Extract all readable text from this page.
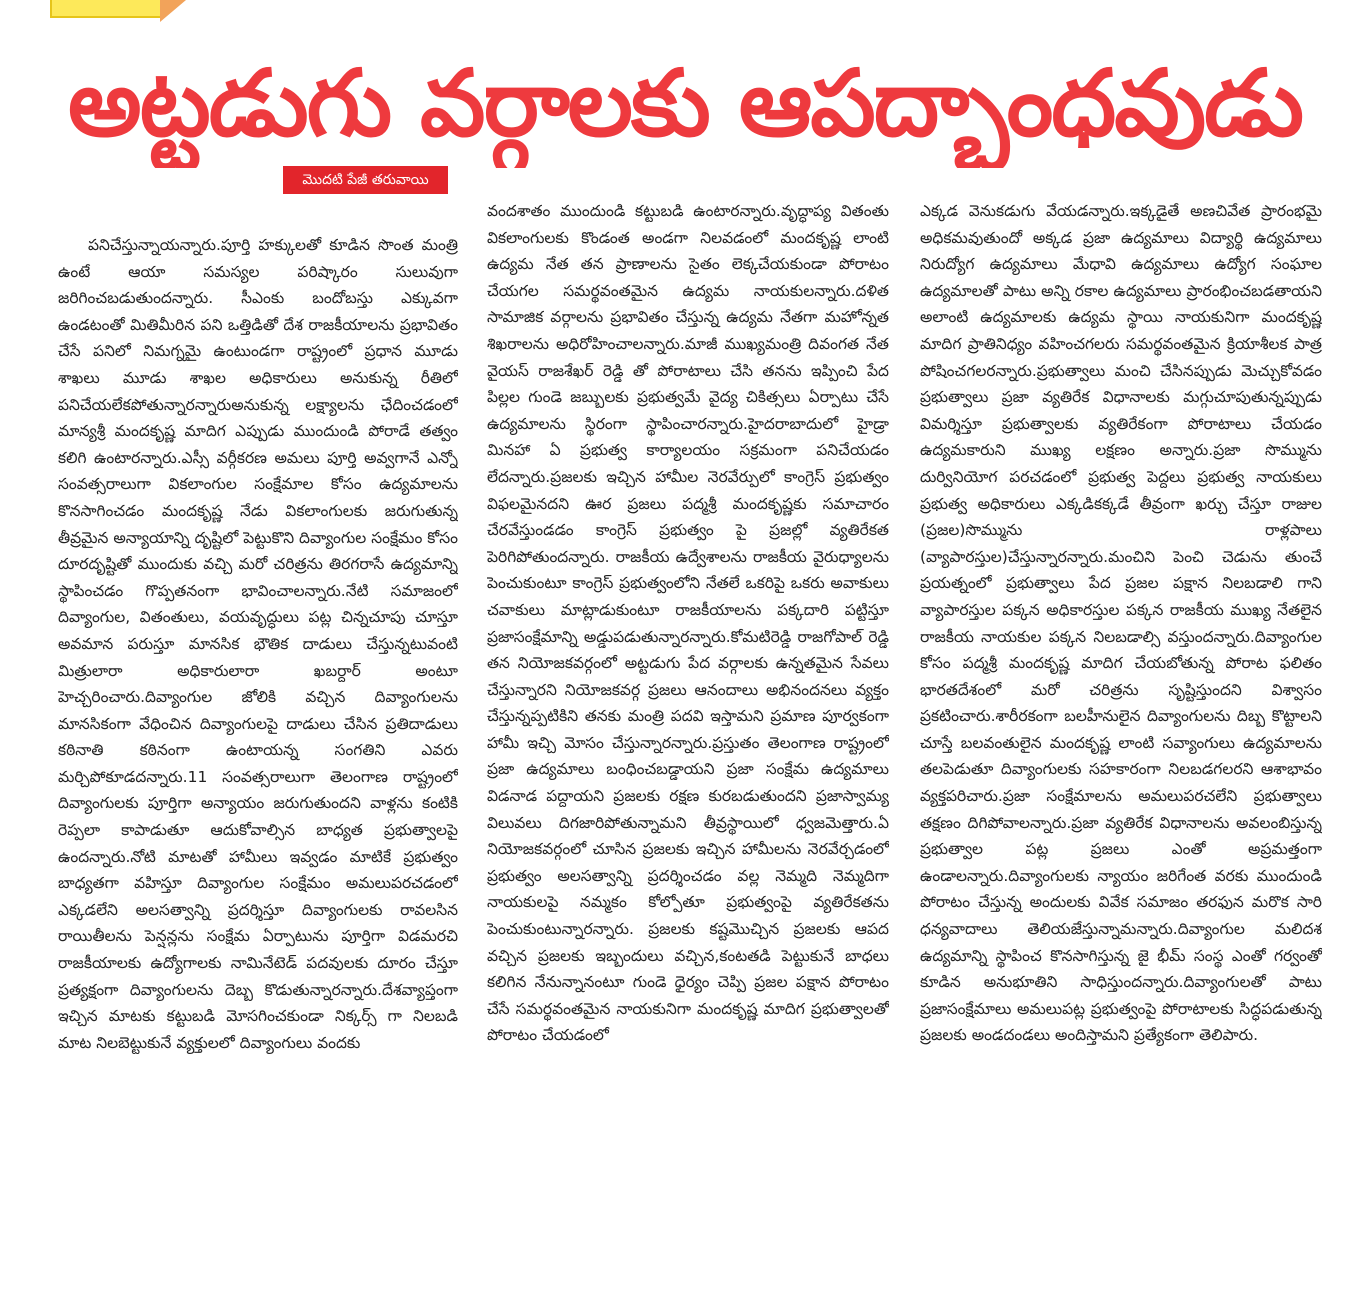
అట్టడుగు వర్గాలకు ఆపద్బాంధవుడు
మొదటి పేజీ తరువాయి

పనిచేస్తున్నాయన్నారు.పూర్తి హక్కులతో కూడిన సొంత మంత్రి ఉంటే ఆయా సమస్యల పరిష్కారం సులువుగా జరిగించబడుతుందన్నారు. సీఎంకు బందోబస్తు ఎక్కువగా ఉండటంతో మితిమీరిన పని ఒత్తిడితో దేశ రాజకీయాలను ప్రభావితం చేసే పనిలో నిమగ్నమై ఉంటుండగా రాష్ట్రంలో ప్రధాన మూడు శాఖలు మూడు శాఖల అధికారులు అనుకున్న రీతిలో పనిచేయలేకపోతున్నారన్నారుఅనుకున్న లక్ష్యాలను ఛేదించడంలో మాన్యశ్రీ మందకృష్ణ మాదిగ ఎప్పుడు ముందుండి పోరాడే తత్వం కలిగి ఉంటారన్నారు.ఎస్సీ వర్గీకరణ అమలు పూర్తి అవ్వగానే ఎన్నో సంవత్సరాలుగా వికలాంగుల సంక్షేమాల కోసం ఉద్యమాలను కొనసాగించడం మందకృష్ణ నేడు వికలాంగులకు జరుగుతున్న తీవ్రమైన అన్యాయాన్ని దృష్టిలో పెట్టుకొని దివ్యాంగుల సంక్షేమం కోసం దూరదృష్టితో ముందుకు వచ్చి మరో చరిత్రను తిరగరాసే ఉద్యమాన్ని స్థాపించడం గొప్పతనంగా భావించాలన్నారు.నేటి సమాజంలో దివ్యాంగుల, వితంతులు, వయవృద్ధులు పట్ల చిన్నచూపు చూస్తూ అవమాన పరుస్తూ మానసిక భౌతిక దాడులు చేస్తున్నటువంటి మిత్రులారా అధికారులారా ఖబర్దార్ అంటూ హెచ్చరించారు.దివ్యాంగుల జోలికి వచ్చిన దివ్యాంగులను మానసికంగా వేధించిన దివ్యాంగులపై దాడులు చేసిన ప్రతిదాడులు కఠినాతి కఠినంగా ఉంటాయన్న సంగతిని ఎవరు మర్చిపోకూడదన్నారు.11 సంవత్సరాలుగా తెలంగాణ రాష్ట్రంలో దివ్యాంగులకు పూర్తిగా అన్యాయం జరుగుతుందని వాళ్లను కంటికి రెప్పలా కాపాడుతూ ఆదుకోవాల్సిన బాధ్యత ప్రభుత్వాలపై ఉందన్నారు.నోటి మాటతో హామీలు ఇవ్వడం మాటికే ప్రభుత్వం బాధ్యతగా వహిస్తూ దివ్యాంగుల సంక్షేమం అమలుపరచడంలో ఎక్కడలేని అలసత్వాన్ని ప్రదర్శిస్తూ దివ్యాంగులకు రావలసిన రాయితీలను పెన్షన్లను సంక్షేమ ఏర్పాటును పూర్తిగా విడమరచి రాజకీయాలకు ఉద్యోగాలకు నామినేటెడ్ పదవులకు దూరం చేస్తూ ప్రత్యక్షంగా దివ్యాంగులను దెబ్బ కొడుతున్నారన్నారు.దేశవ్యాప్తంగా ఇచ్చిన మాటకు కట్టుబడి మోసగించకుండా నిక్కర్స్ గా నిలబడి మాట నిలబెట్టుకునే వ్యక్తులలో దివ్యాంగులు వందకు

వందశాతం ముందుండి కట్టుబడి ఉంటారన్నారు.వృద్ధాప్య వితంతు వికలాంగులకు కొండంత అండగా నిలవడంలో మందకృష్ణ లాంటి ఉద్యమ నేత తన ప్రాణాలను సైతం లెక్కచేయకుండా పోరాటం చేయగల సమర్థవంతమైన ఉద్యమ నాయకులన్నారు.దళిత సామాజిక వర్గాలను ప్రభావితం చేస్తున్న ఉద్యమ నేతగా మహోన్నత శిఖరాలను అధిరోహించాలన్నారు.మాజీ ముఖ్యమంత్రి దివంగత నేత వైయస్ రాజశేఖర్ రెడ్డి తో పోరాటాలు చేసి తనను ఇప్పించి పేద పిల్లల గుండె జబ్బులకు ప్రభుత్వమే వైద్య చికిత్సలు ఏర్పాటు చేసే ఉద్యమాలను స్థిరంగా స్థాపించారన్నారు.హైదరాబాదులో హైడ్రా మినహా ఏ ప్రభుత్వ కార్యాలయం సక్రమంగా పనిచేయడం లేదన్నారు.ప్రజలకు ఇచ్చిన హామీల నెరవేర్పులో కాంగ్రెస్ ప్రభుత్వం విఫలమైనదని ఊర ప్రజలు పద్మశ్రీ మందకృష్ణకు సమాచారం చేరవేస్తుండడం కాంగ్రెస్ ప్రభుత్వం పై ప్రజల్లో వ్యతిరేకత పెరిగిపోతుందన్నారు. రాజకీయ ఉద్వేశాలను రాజకీయ వైరుధ్యాలను పెంచుకుంటూ కాంగ్రెస్ ప్రభుత్వంలోని నేతలే ఒకరిపై ఒకరు అవాకులు చవాకులు మాట్లాడుకుంటూ రాజకీయాలను పక్కదారి పట్టిస్తూ ప్రజాసంక్షేమాన్ని అడ్డుపడుతున్నారన్నారు.కోమటిరెడ్డి రాజగోపాల్ రెడ్డి తన నియోజకవర్గంలో అట్టడుగు పేద వర్గాలకు ఉన్నతమైన సేవలు చేస్తున్నారని నియోజకవర్గ ప్రజలు ఆనందాలు అభినందనలు వ్యక్తం చేస్తున్నప్పటికిని తనకు మంత్రి పదవి ఇస్తామని ప్రమాణ పూర్వకంగా హామీ ఇచ్చి మోసం చేస్తున్నారన్నారు.ప్రస్తుతం తెలంగాణ రాష్ట్రంలో ప్రజా ఉద్యమాలు బంధించబడ్డాయని ప్రజా సంక్షేమ ఉద్యమాలు విడనాడ పద్దాయని ప్రజలకు రక్షణ కురబడుతుందని ప్రజాస్వామ్య విలువలు దిగజారిపోతున్నామని తీవ్రస్థాయిలో ధ్వజమెత్తారు.ఏ నియోజకవర్గంలో చూసిన ప్రజలకు ఇచ్చిన హామీలను నెరవేర్చడంలో ప్రభుత్వం అలసత్వాన్ని ప్రదర్శించడం వల్ల నెమ్మది నెమ్మదిగా నాయకులపై నమ్మకం కోల్పోతూ ప్రభుత్వంపై వ్యతిరేకతను పెంచుకుంటున్నారన్నారు. ప్రజలకు కష్టమొచ్చిన ప్రజలకు ఆపద వచ్చిన ప్రజలకు ఇబ్బందులు వచ్చిన,కంటతడి పెట్టుకునే బాధలు కలిగిన నేనున్నానంటూ గుండె ధైర్యం చెప్పి ప్రజల పక్షాన పోరాటం చేసే సమర్థవంతమైన నాయకునిగా మందకృష్ణ మాదిగ ప్రభుత్వాలతో పోరాటం చేయడంలో

ఎక్కడ వెనుకడుగు వేయడన్నారు.ఇక్కడైతే అణచివేత ప్రారంభమై అధికమవుతుందో అక్కడ ప్రజా ఉద్యమాలు విద్యార్థి ఉద్యమాలు నిరుద్యోగ ఉద్యమాలు మేధావి ఉద్యమాలు ఉద్యోగ సంఘాల ఉద్యమాలతో పాటు అన్ని రకాల ఉద్యమాలు ప్రారంభించబడతాయని అలాంటి ఉద్యమాలకు ఉద్యమ స్థాయి నాయకునిగా మందకృష్ణ మాదిగ ప్రాతినిధ్యం వహించగలరు సమర్థవంతమైన క్రియాశీలక పాత్ర పోషించగలరన్నారు.ప్రభుత్వాలు మంచి చేసినప్పుడు మెచ్చుకోవడం ప్రభుత్వాలు ప్రజా వ్యతిరేక విధానాలకు మగ్గుచూపుతున్నప్పుడు విమర్శిస్తూ ప్రభుత్వాలకు వ్యతిరేకంగా పోరాటాలు చేయడం ఉద్యమకారుని ముఖ్య లక్షణం అన్నారు.ప్రజా సొమ్మును దుర్వినియోగ పరచడంలో ప్రభుత్వ పెద్దలు ప్రభుత్వ నాయకులు ప్రభుత్వ అధికారులు ఎక్కడికక్కడే తీవ్రంగా ఖర్చు చేస్తూ రాజుల (ప్రజల)సొమ్మును రాళ్లపాలు (వ్యాపారస్తుల)చేస్తున్నారన్నారు.మంచిని పెంచి చెడును తుంచే ప్రయత్నంలో ప్రభుత్వాలు పేద ప్రజల పక్షాన నిలబడాలి గాని వ్యాపారస్తుల పక్కన అధికారస్తుల పక్కన రాజకీయ ముఖ్య నేతలైన రాజకీయ నాయకుల పక్కన నిలబడాల్సి వస్తుందన్నారు.దివ్యాంగుల కోసం పద్మశ్రీ మందకృష్ణ మాదిగ చేయబోతున్న పోరాట ఫలితం భారతదేశంలో మరో చరిత్రను సృష్టిస్తుందని విశ్వాసం ప్రకటించారు.శారీరకంగా బలహీనులైన దివ్యాంగులను దిబ్బ కొట్టాలని చూస్తే బలవంతులైన మందకృష్ణ లాంటి సవ్యాంగులు ఉద్యమాలను తలపెడుతూ దివ్యాంగులకు సహకారంగా నిలబడగలరని ఆశాభావం వ్యక్తపరిచారు.ప్రజా సంక్షేమాలను అమలుపరచలేని ప్రభుత్వాలు తక్షణం దిగిపోవాలన్నారు.ప్రజా వ్యతిరేక విధానాలను అవలంబిస్తున్న ప్రభుత్వాల పట్ల ప్రజలు ఎంతో అప్రమత్తంగా ఉండాలన్నారు.దివ్యాంగులకు న్యాయం జరిగేంత వరకు ముందుండి పోరాటం చేస్తున్న అందులకు వివేక సమాజం తరఫున మరొక సారి ధన్యవాదాలు తెలియజేస్తున్నామన్నారు.దివ్యాంగుల మలిదశ ఉద్యమాన్ని స్థాపించ కొనసాగిస్తున్న జై భీమ్ సంస్థ ఎంతో గర్వంతో కూడిన అనుభూతిని సాధిస్తుందన్నారు.దివ్యాంగులతో పాటు ప్రజాసంక్షేమాలు అమలుపట్ల ప్రభుత్వంపై పోరాటాలకు సిద్ధపడుతున్న ప్రజలకు అండదండలు అందిస్తామని ప్రత్యేకంగా తెలిపారు.
